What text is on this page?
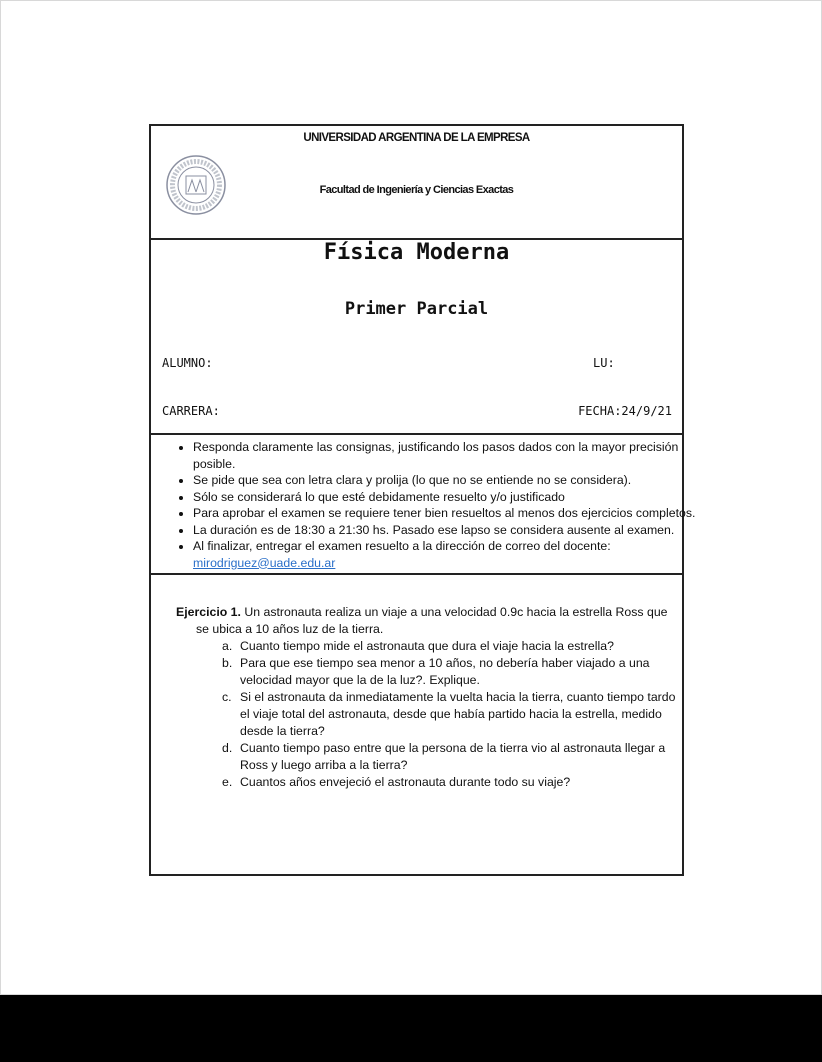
UNIVERSIDAD ARGENTINA DE LA EMPRESA
Facultad de Ingeniería y Ciencias Exactas
Física Moderna
Primer Parcial
ALUMNO:	LU:
CARRERA:	FECHA:24/9/21
• Responda claramente las consignas, justificando los pasos dados con la mayor precisión posible.
• Se pide que sea con letra clara y prolija (lo que no se entiende no se considera).
• Sólo se considerará lo que esté debidamente resuelto y/o justificado
• Para aprobar el examen se requiere tener bien resueltos al menos dos ejercicios completos.
• La duración es de 18:30 a 21:30 hs. Pasado ese lapso se considera ausente al examen.
• Al finalizar, entregar el examen resuelto a la dirección de correo del docente:
mirodriguez@uade.edu.ar
Ejercicio 1. Un astronauta realiza un viaje a una velocidad 0.9c hacia la estrella Ross que se ubica a 10 años luz de la tierra.
a. Cuanto tiempo mide el astronauta que dura el viaje hacia la estrella?
b. Para que ese tiempo sea menor a 10 años, no debería haber viajado a una velocidad mayor que la de la luz?. Explique.
c. Si el astronauta da inmediatamente la vuelta hacia la tierra, cuanto tiempo tardo el viaje total del astronauta, desde que había partido hacia la estrella, medido desde la tierra?
d. Cuanto tiempo paso entre que la persona de la tierra vio al astronauta llegar a Ross y luego arriba a la tierra?
e. Cuantos años envejeció el astronauta durante todo su viaje?
